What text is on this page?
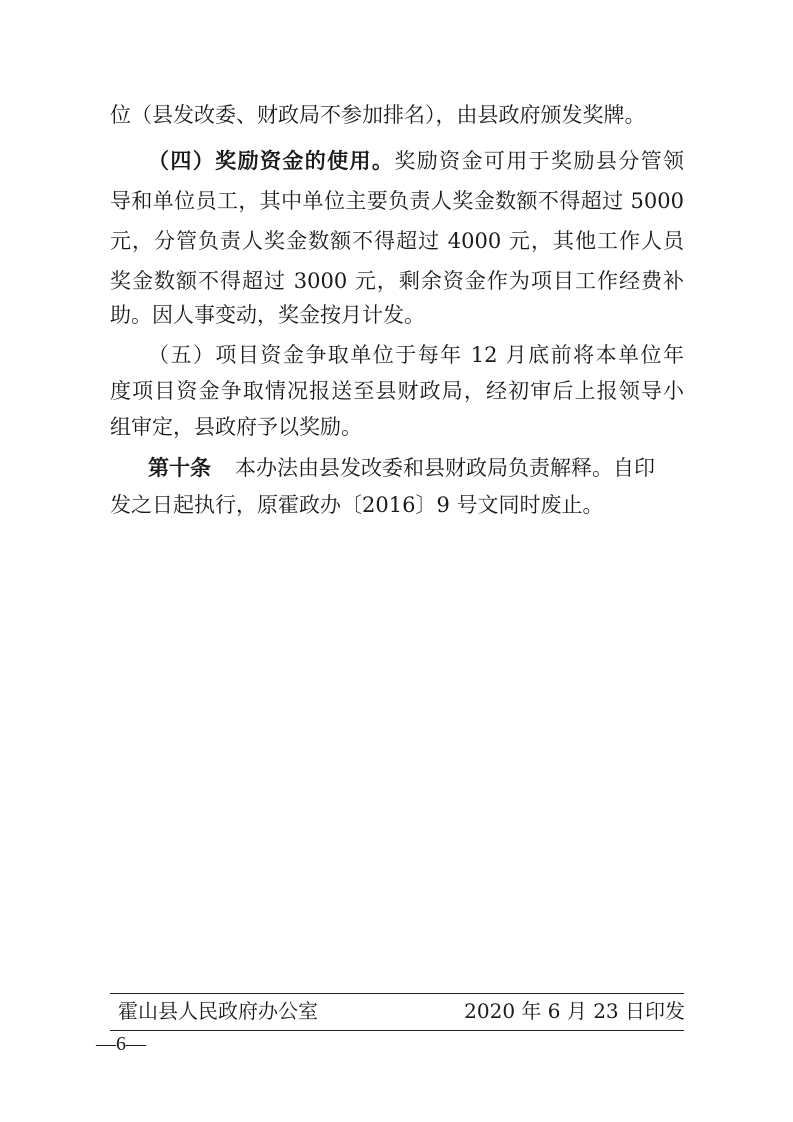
位（县发改委、财政局不参加排名），由县政府颁发奖牌。
（四）奖励资金的使用。奖励资金可用于奖励县分管领
导和单位员工，其中单位主要负责人奖金数额不得超过 5000
元，分管负责人奖金数额不得超过 4000 元，其他工作人员
奖金数额不得超过 3000 元，剩余资金作为项目工作经费补
助。因人事变动，奖金按月计发。
（五）项目资金争取单位于每年 12 月底前将本单位年
度项目资金争取情况报送至县财政局，经初审后上报领导小
组审定，县政府予以奖励。
第十条 本办法由县发改委和县财政局负责解释。自印
发之日起执行，原霍政办〔2016〕9 号文同时废止。
霍山县人民政府办公室	2020 年 6 月 23 日印发
—6—
